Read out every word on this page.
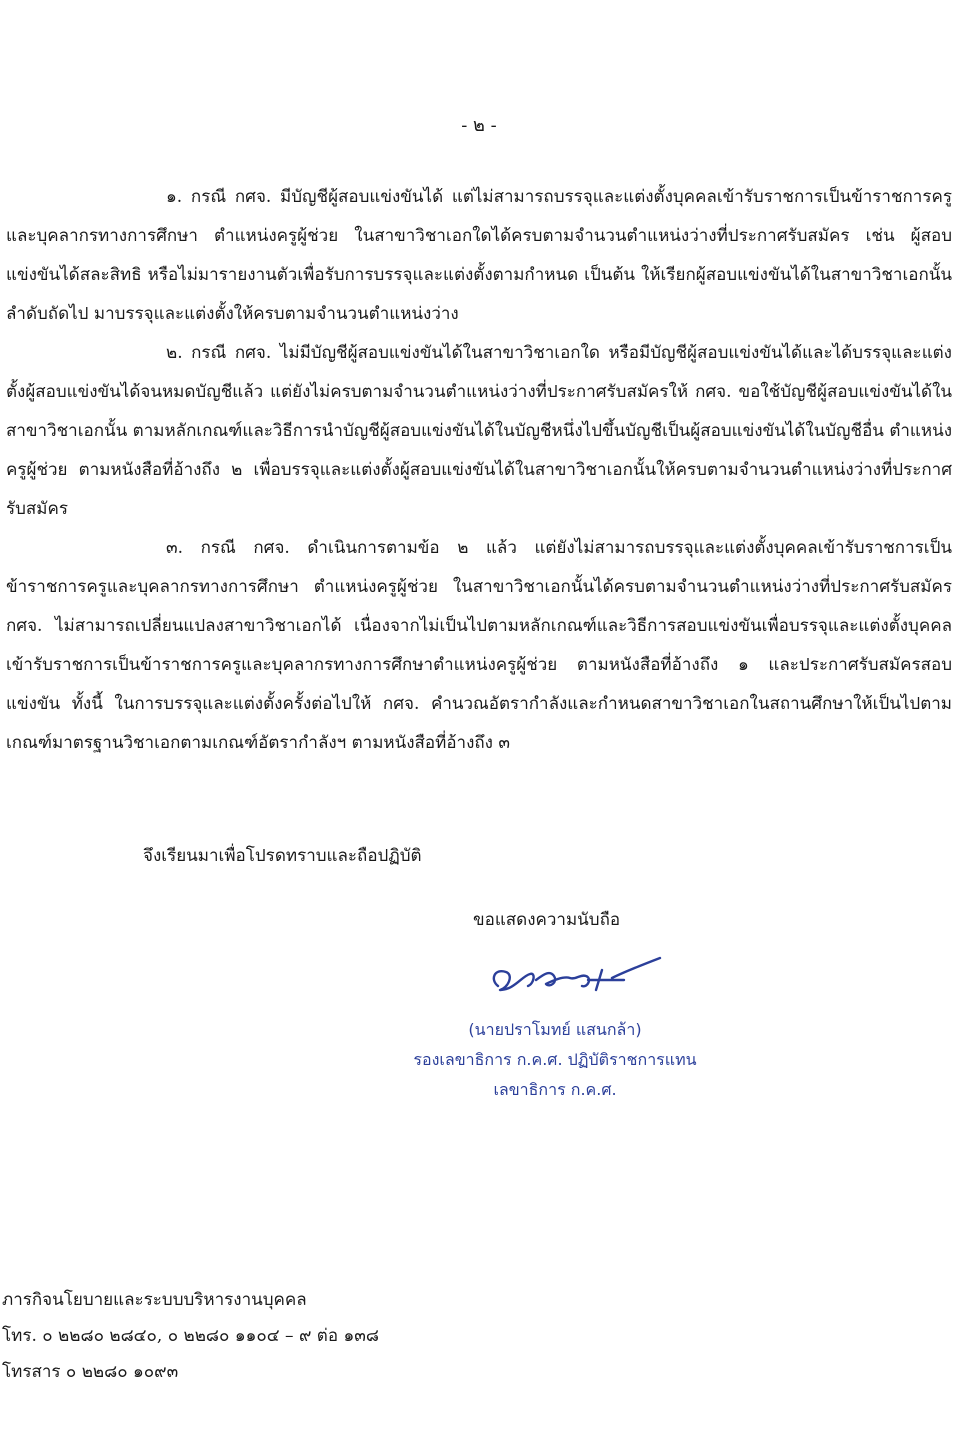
- ๒ -

๑. กรณี กศจ. มีบัญชีผู้สอบแข่งขันได้ แต่ไม่สามารถบรรจุและแต่งตั้งบุคคลเข้ารับราชการเป็นข้าราชการครูและบุคลากรทางการศึกษา ตำแหน่งครูผู้ช่วย ในสาขาวิชาเอกใดได้ครบตามจำนวนตำแหน่งว่างที่ประกาศรับสมัคร เช่น ผู้สอบแข่งขันได้สละสิทธิ หรือไม่มารายงานตัวเพื่อรับการบรรจุและแต่งตั้งตามกำหนด เป็นต้น ให้เรียกผู้สอบแข่งขันได้ในสาขาวิชาเอกนั้นลำดับถัดไป มาบรรจุและแต่งตั้งให้ครบตามจำนวนตำแหน่งว่าง

๒. กรณี กศจ. ไม่มีบัญชีผู้สอบแข่งขันได้ในสาขาวิชาเอกใด หรือมีบัญชีผู้สอบแข่งขันได้และได้บรรจุและแต่งตั้งผู้สอบแข่งขันได้จนหมดบัญชีแล้ว แต่ยังไม่ครบตามจำนวนตำแหน่งว่างที่ประกาศรับสมัครให้ กศจ. ขอใช้บัญชีผู้สอบแข่งขันได้ในสาขาวิชาเอกนั้น ตามหลักเกณฑ์และวิธีการนำบัญชีผู้สอบแข่งขันได้ในบัญชีหนึ่งไปขึ้นบัญชีเป็นผู้สอบแข่งขันได้ในบัญชีอื่น ตำแหน่งครูผู้ช่วย ตามหนังสือที่อ้างถึง ๒ เพื่อบรรจุและแต่งตั้งผู้สอบแข่งขันได้ในสาขาวิชาเอกนั้นให้ครบตามจำนวนตำแหน่งว่างที่ประกาศรับสมัคร

๓. กรณี กศจ. ดำเนินการตามข้อ ๒ แล้ว แต่ยังไม่สามารถบรรจุและแต่งตั้งบุคคลเข้ารับราชการเป็นข้าราชการครูและบุคลากรทางการศึกษา ตำแหน่งครูผู้ช่วย ในสาขาวิชาเอกนั้นได้ครบตามจำนวนตำแหน่งว่างที่ประกาศรับสมัคร กศจ. ไม่สามารถเปลี่ยนแปลงสาขาวิชาเอกได้ เนื่องจากไม่เป็นไปตามหลักเกณฑ์และวิธีการสอบแข่งขันเพื่อบรรจุและแต่งตั้งบุคคลเข้ารับราชการเป็นข้าราชการครูและบุคลากรทางการศึกษาตำแหน่งครูผู้ช่วย ตามหนังสือที่อ้างถึง ๑ และประกาศรับสมัครสอบแข่งขัน ทั้งนี้ ในการบรรจุและแต่งตั้งครั้งต่อไปให้ กศจ. คำนวณอัตรากำลังและกำหนดสาขาวิชาเอกในสถานศึกษาให้เป็นไปตามเกณฑ์มาตรฐานวิชาเอกตามเกณฑ์อัตรากำลังฯ ตามหนังสือที่อ้างถึง ๓

จึงเรียนมาเพื่อโปรดทราบและถือปฏิบัติ
ขอแสดงความนับถือ
(นายปราโมทย์ แสนกล้า)
รองเลขาธิการ ก.ค.ศ. ปฏิบัติราชการแทน
เลขาธิการ ก.ค.ศ.
ภารกิจนโยบายและระบบบริหารงานบุคคล
โทร. ๐ ๒๒๘๐ ๒๘๔๐, ๐ ๒๒๘๐ ๑๑๐๔ – ๙ ต่อ ๑๓๘
โทรสาร ๐ ๒๒๘๐ ๑๐๙๓
